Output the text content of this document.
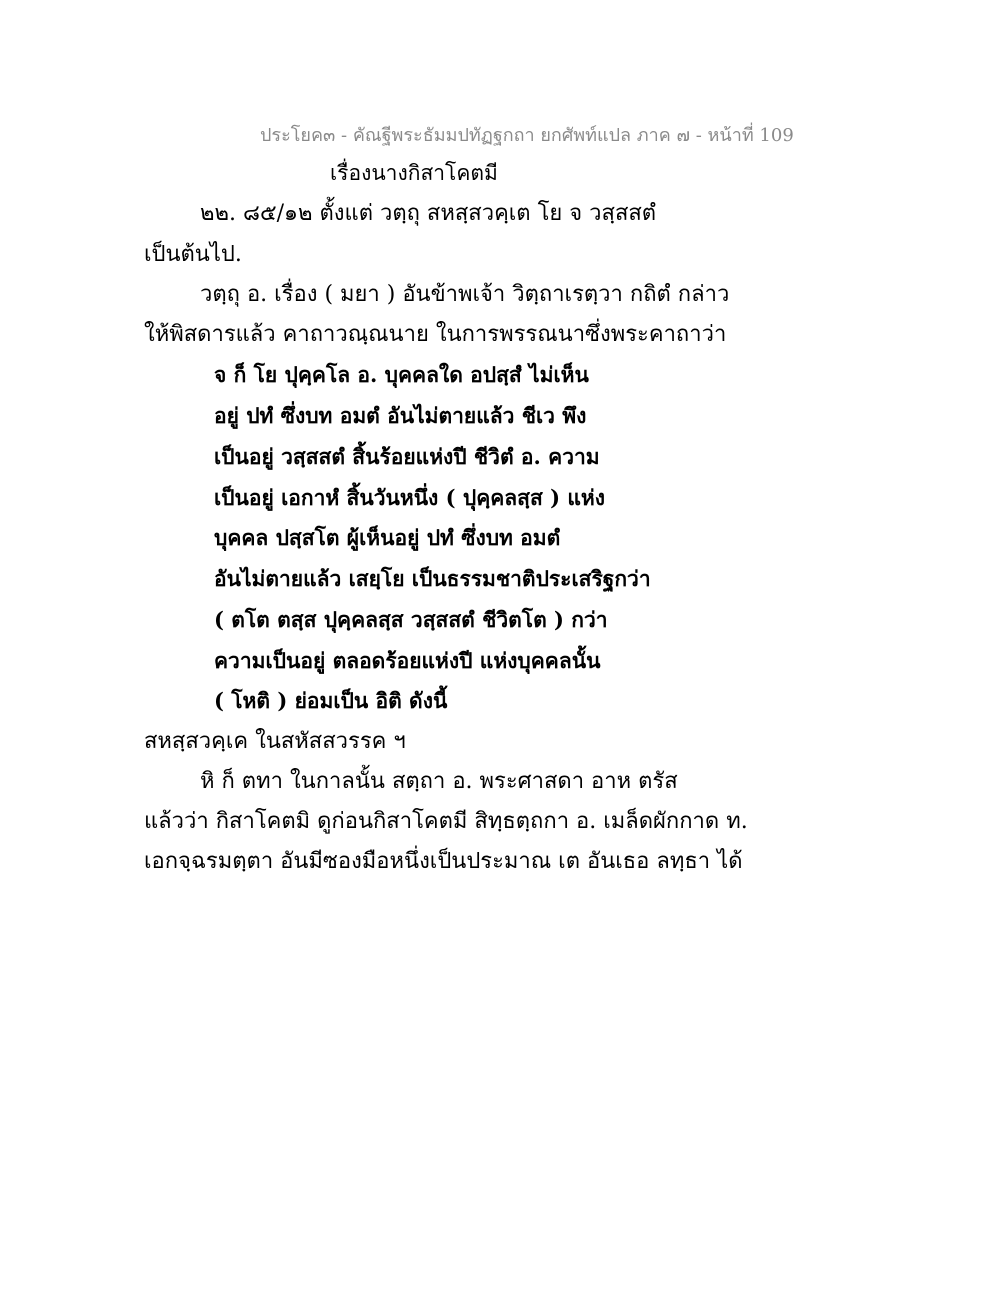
ประโยค๓ - คัณฐีพระธัมมปทัฏฐกถา ยกศัพท์แปล ภาค ๗ - หน้าที่ 109
เรื่องนางกิสาโคตมี
๒๒. ๘๕/๑๒ ตั้งแต่ วตฺถุ สหสฺสวคฺเต โย จ วสฺสสตํ
เป็นต้นไป.
วตฺถุ อ. เรื่อง ( มยา ) อันข้าพเจ้า วิตฺถาเรตฺวา กถิตํ กล่าว
ให้พิสดารแล้ว คาถาวณฺณนาย ในการพรรณนาซึ่งพระคาถาว่า
จ ก็ โย ปุคฺคโล อ. บุคคลใด อปสฺสํ ไม่เห็น
อยู่ ปทํ ซึ่งบท อมตํ อันไม่ตายแล้ว ชีเว พึง
เป็นอยู่ วสฺสสตํ สิ้นร้อยแห่งปี ชีวิตํ อ. ความ
เป็นอยู่ เอกาหํ สิ้นวันหนึ่ง ( ปุคฺคลสฺส ) แห่ง
บุคคล ปสฺสโต ผู้เห็นอยู่ ปทํ ซึ่งบท อมตํ
อันไม่ตายแล้ว เสยฺโย เป็นธรรมชาติประเสริฐกว่า
( ตโต ตสฺส ปุคฺคลสฺส วสฺสสตํ ชีวิตโต ) กว่า
ความเป็นอยู่ ตลอดร้อยแห่งปี แห่งบุคคลนั้น
( โหติ ) ย่อมเป็น อิติ ดังนี้
สหสฺสวคฺเค ในสหัสสวรรค ฯ
หิ ก็ ตทา ในกาลนั้น สตฺถา อ. พระศาสดา อาห ตรัส
แล้วว่า กิสาโคตมิ ดูก่อนกิสาโคตมี สิทฺธตฺถกา อ. เมล็ดผักกาด ท.
เอกจฺฉรมตฺตา อันมีซองมือหนึ่งเป็นประมาณ เต อันเธอ ลทฺธา ได้
